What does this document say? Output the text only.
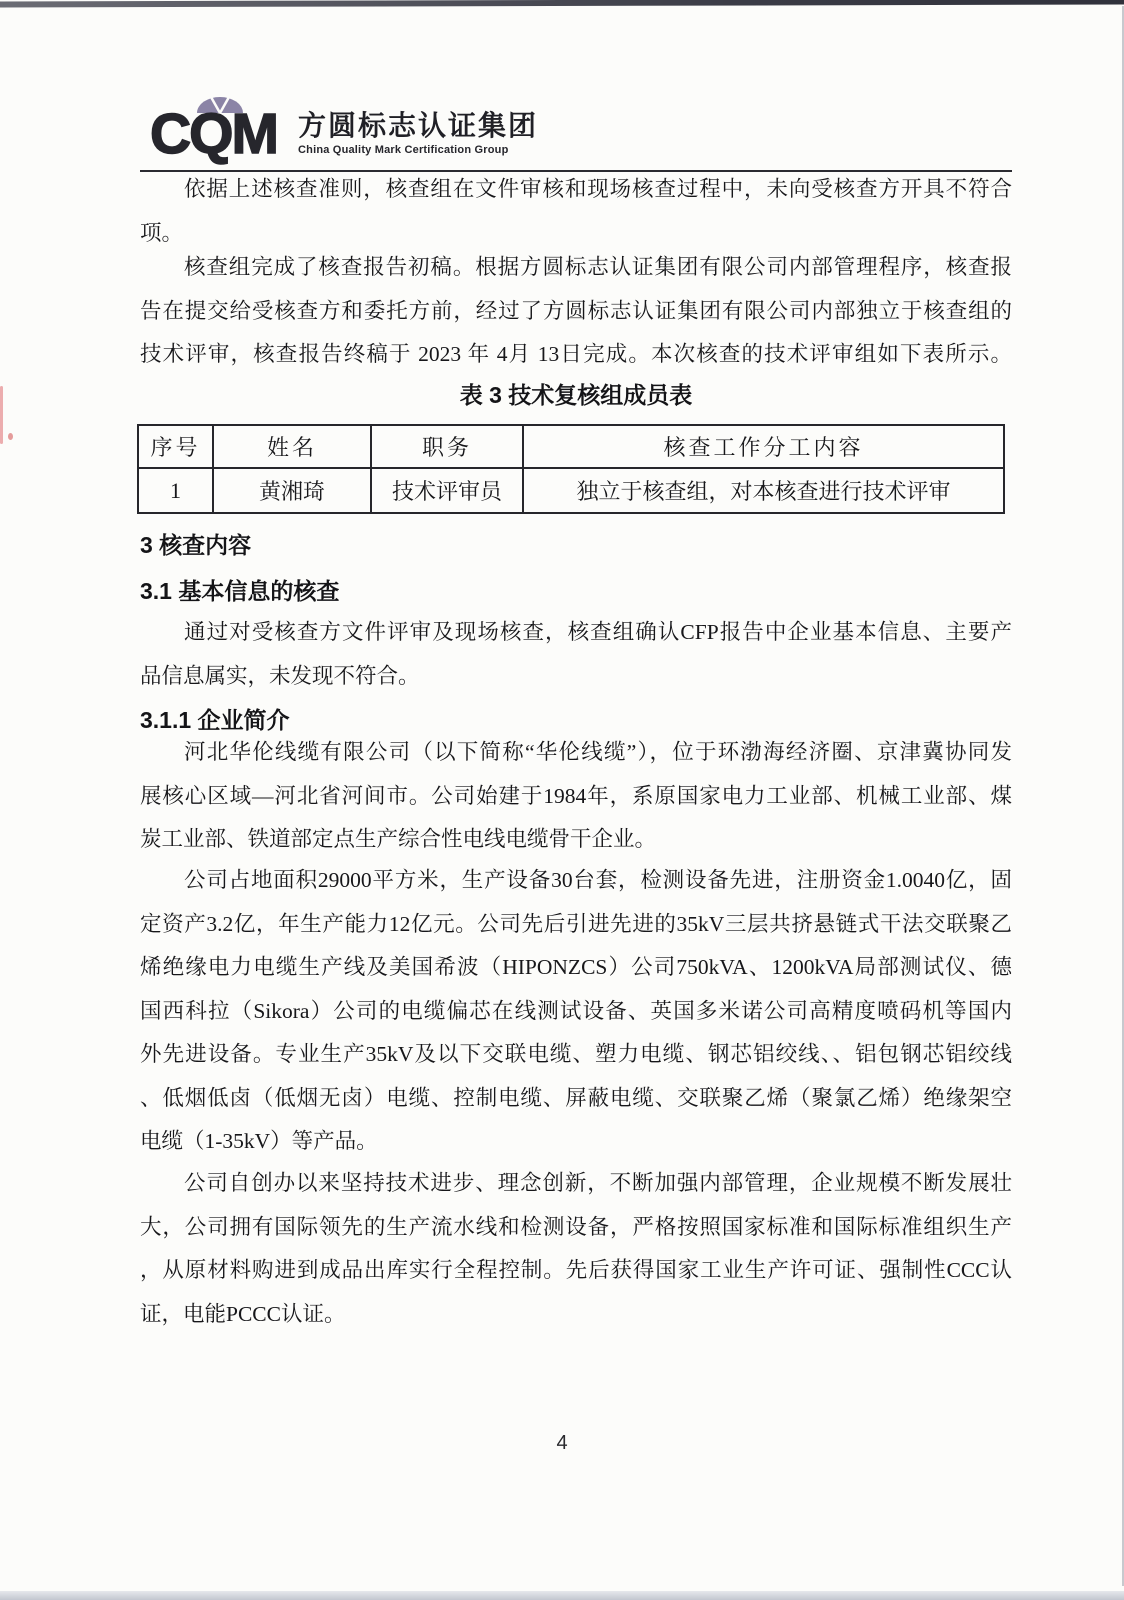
CQM 方圆标志认证集团
China Quality Mark Certification Group
依据上述核查准则，核查组在文件审核和现场核查过程中，未向受核查方开具不符合
项。
核查组完成了核查报告初稿。根据方圆标志认证集团有限公司内部管理程序，核查报
告在提交给受核查方和委托方前，经过了方圆标志认证集团有限公司内部独立于核查组的
技术评审，核查报告终稿于 2023 年 4月 13日完成。本次核查的技术评审组如下表所示。
表 3 技术复核组成员表
序号	姓名	职务	核查工作分工内容
1	黄湘琦	技术评审员	独立于核查组，对本核查进行技术评审
3 核查内容
3.1 基本信息的核查
通过对受核查方文件评审及现场核查，核查组确认CFP报告中企业基本信息、主要产
品信息属实，未发现不符合。
3.1.1 企业简介
河北华伦线缆有限公司（以下简称“华伦线缆”），位于环渤海经济圈、京津冀协同发
展核心区域—河北省河间市。公司始建于1984年，系原国家电力工业部、机械工业部、煤
炭工业部、铁道部定点生产综合性电线电缆骨干企业。
公司占地面积29000平方米，生产设备30台套，检测设备先进，注册资金1.0040亿，固
定资产3.2亿，年生产能力12亿元。公司先后引进先进的35kV三层共挤悬链式干法交联聚乙
烯绝缘电力电缆生产线及美国希波（HIPONZCS）公司750kVA、1200kVA局部测试仪、德
国西科拉（Sikora）公司的电缆偏芯在线测试设备、英国多米诺公司高精度喷码机等国内
外先进设备。专业生产35kV及以下交联电缆、塑力电缆、钢芯铝绞线、、铝包钢芯铝绞线
、低烟低卤（低烟无卤）电缆、控制电缆、屏蔽电缆、交联聚乙烯（聚氯乙烯）绝缘架空
电缆（1-35kV）等产品。
公司自创办以来坚持技术进步、理念创新，不断加强内部管理，企业规模不断发展壮
大，公司拥有国际领先的生产流水线和检测设备，严格按照国家标准和国际标准组织生产
，从原材料购进到成品出库实行全程控制。先后获得国家工业生产许可证、强制性CCC认
证，电能PCCC认证。
4
